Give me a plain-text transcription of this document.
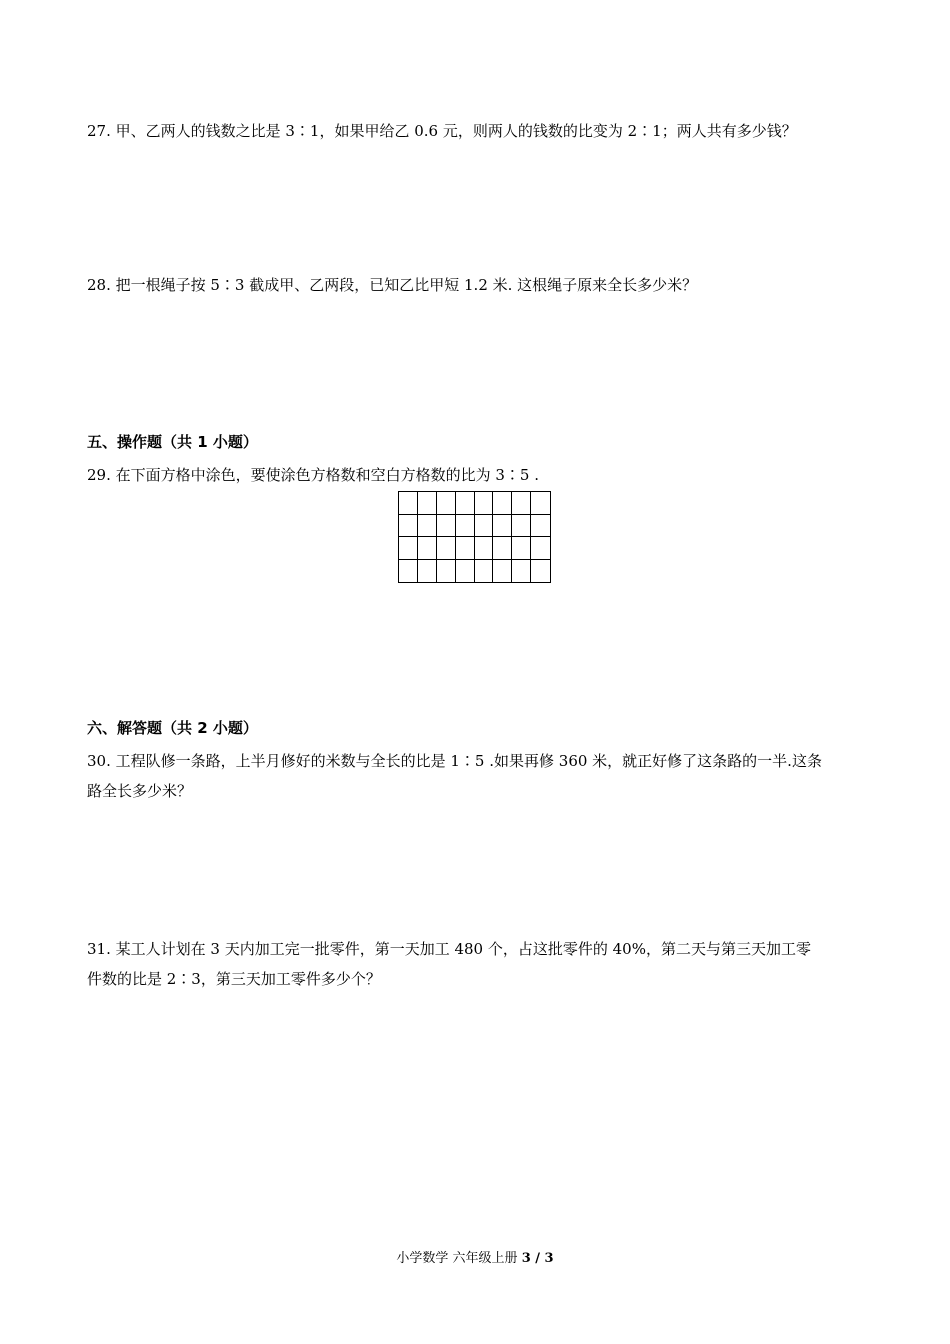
27. 甲、乙两人的钱数之比是 3∶1，如果甲给乙 0.6 元，则两人的钱数的比变为 2∶1；两人共有多少钱？
28. 把一根绳子按 5∶3 截成甲、乙两段，已知乙比甲短 1.2 米. 这根绳子原来全长多少米？
五、操作题（共 1 小题）
29. 在下面方格中涂色，要使涂色方格数和空白方格数的比为 3∶5 .
六、解答题（共 2 小题）
30. 工程队修一条路，上半月修好的米数与全长的比是 1∶5 .如果再修 360 米，就正好修了这条路的一半.这条
路全长多少米？
31. 某工人计划在 3 天内加工完一批零件，第一天加工 480 个，占这批零件的 40%，第二天与第三天加工零
件数的比是 2∶3，第三天加工零件多少个？
小学数学 六年级上册 3 / 3
